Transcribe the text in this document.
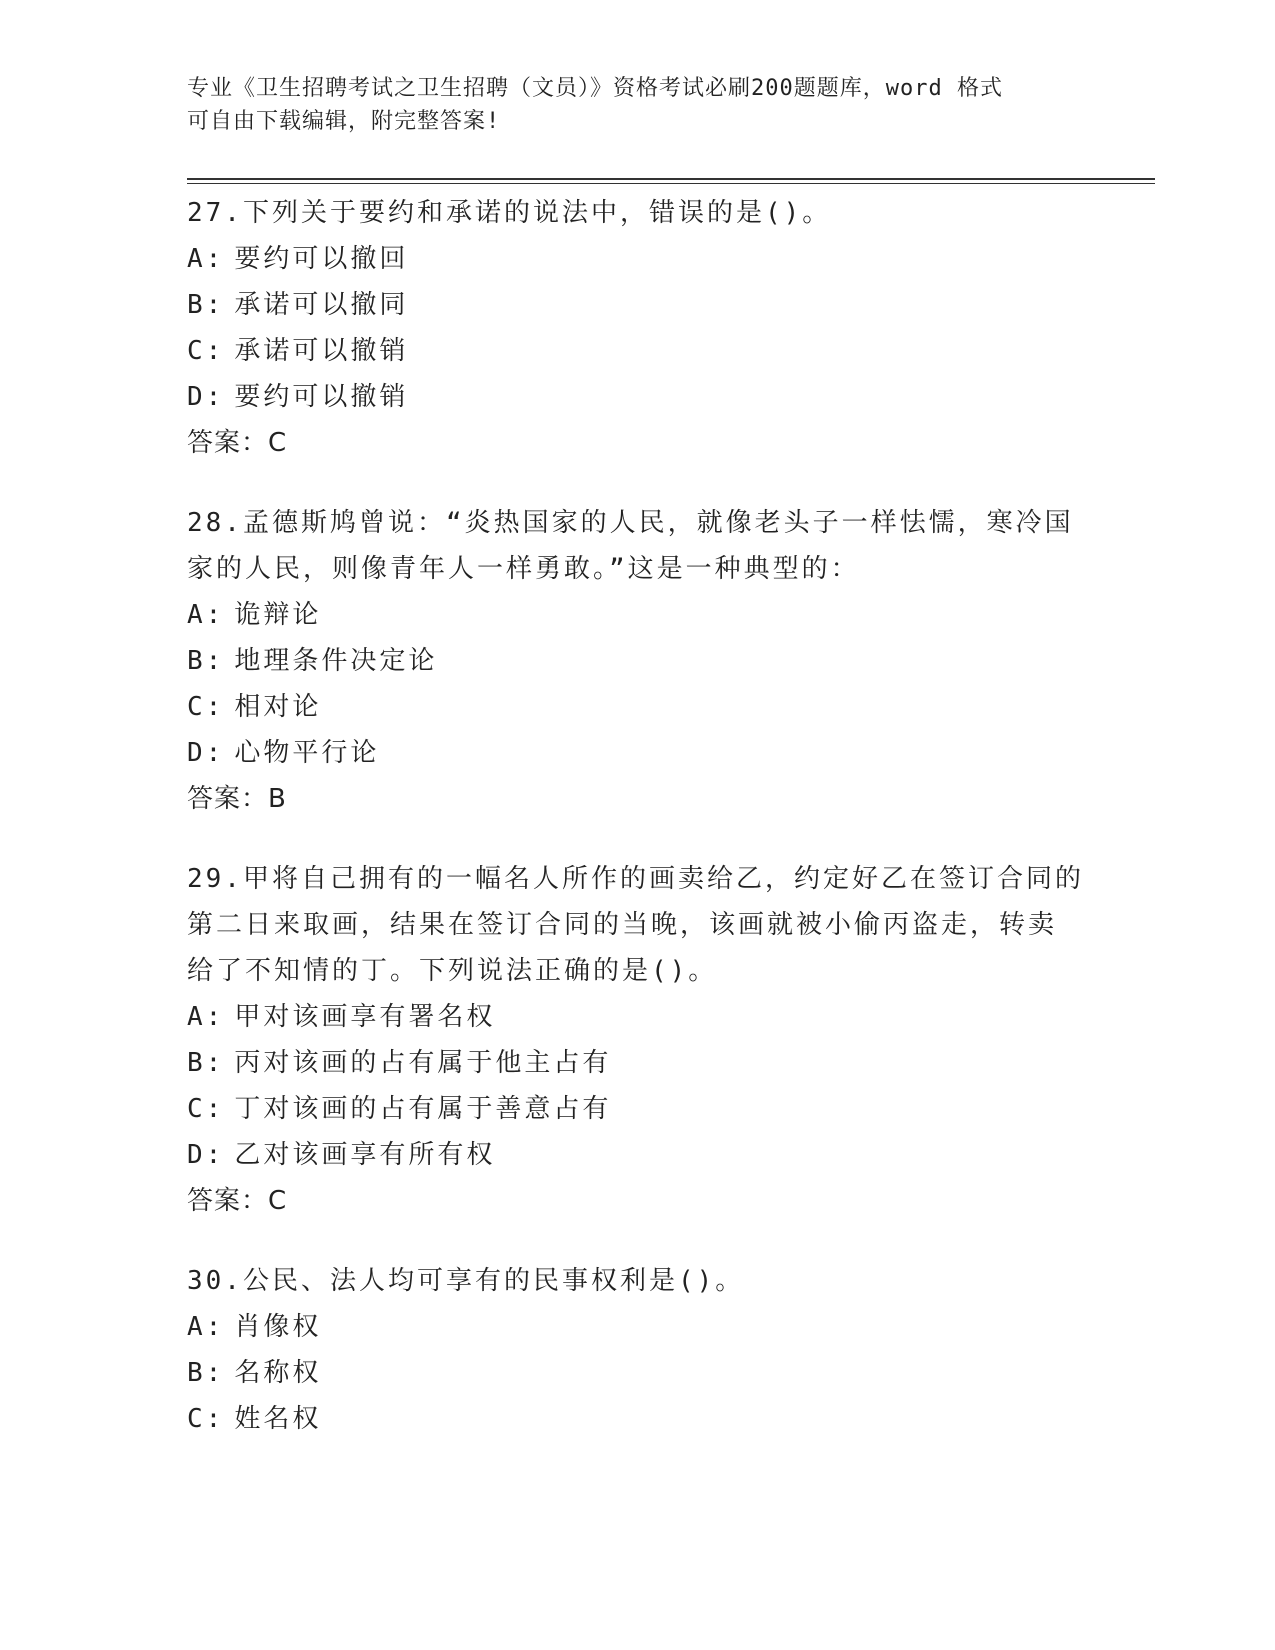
专业《卫生招聘考试之卫生招聘（文员）》资格考试必刷200题题库，word 格式
可自由下载编辑，附完整答案!
27.下列关于要约和承诺的说法中，错误的是()。
A: 要约可以撤回
B: 承诺可以撤同
C: 承诺可以撤销
D: 要约可以撤销
答案：C
28.孟德斯鸠曾说：“炎热国家的人民，就像老头子一样怯懦，寒冷国
家的人民，则像青年人一样勇敢。”这是一种典型的：
A: 诡辩论
B: 地理条件决定论
C: 相对论
D: 心物平行论
答案：B
29.甲将自己拥有的一幅名人所作的画卖给乙，约定好乙在签订合同的
第二日来取画，结果在签订合同的当晚，该画就被小偷丙盗走，转卖
给了不知情的丁。下列说法正确的是()。
A: 甲对该画享有署名权
B: 丙对该画的占有属于他主占有
C: 丁对该画的占有属于善意占有
D: 乙对该画享有所有权
答案：C
30.公民、法人均可享有的民事权利是()。
A: 肖像权
B: 名称权
C: 姓名权
